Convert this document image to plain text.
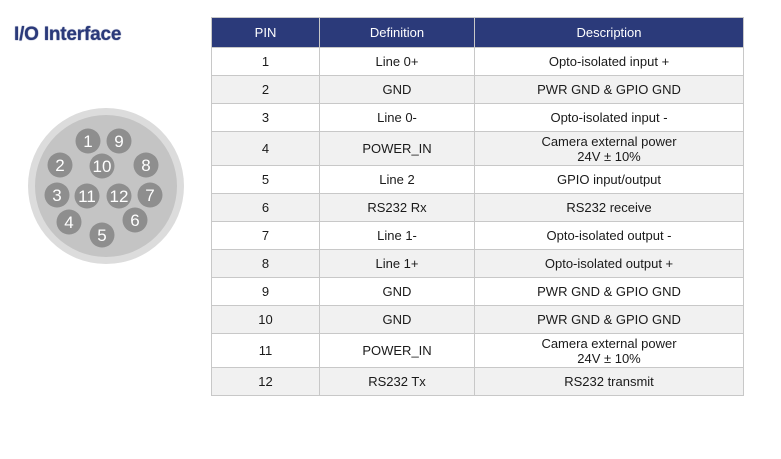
I/O Interface
1 9
2 10 8
3 11 12 7
4	6
5
PIN	Definition	Description
1	Line 0+	Opto-isolated input +

2	GND	PWR GND & GPIO GND

3	Line 0-	Opto-isolated input -

4	POWER_IN	Camera external power
24V ± 10%

5	Line 2	GPIO input/output

6	RS232 Rx	RS232 receive

7	Line 1-	Opto-isolated output -

8	Line 1+	Opto-isolated output +

9	GND	PWR GND & GPIO GND

10	GND	PWR GND & GPIO GND

11	POWER_IN	Camera external power
24V ± 10%

12	RS232 Tx	RS232 transmit
